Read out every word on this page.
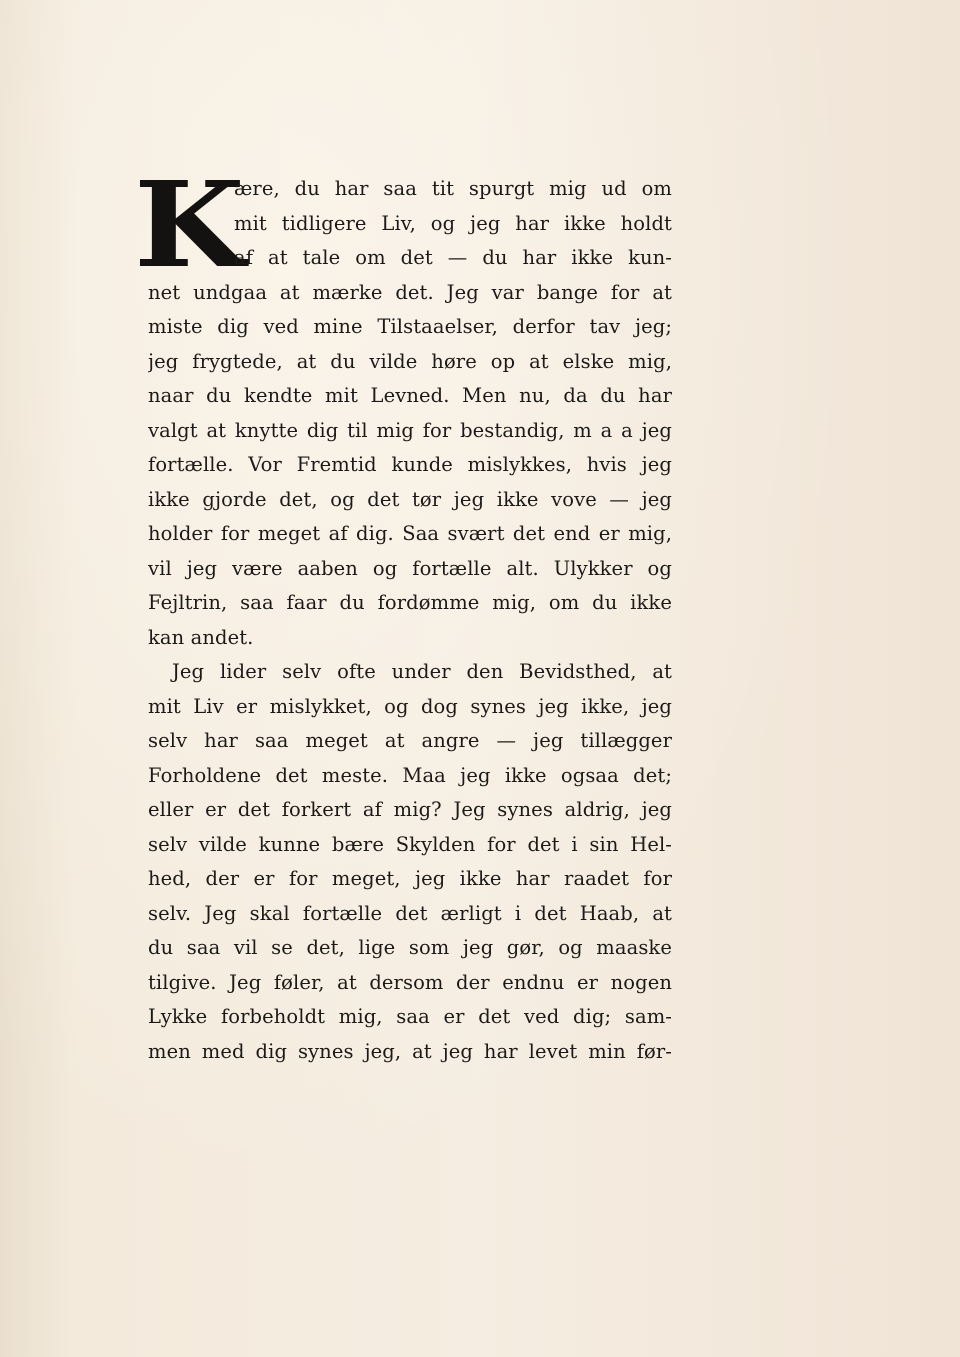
K
ære, du har saa tit spurgt mig ud om
mit tidligere Liv, og jeg har ikke holdt
af at tale om det — du har ikke kun-
net undgaa at mærke det. Jeg var bange for at
miste dig ved mine Tilstaaelser, derfor tav jeg;
jeg frygtede, at du vilde høre op at elske mig,
naar du kendte mit Levned. Men nu, da du har
valgt at knytte dig til mig for bestandig, m a a jeg
fortælle. Vor Fremtid kunde mislykkes, hvis jeg
ikke gjorde det, og det tør jeg ikke vove — jeg
holder for meget af dig. Saa svært det end er mig,
vil jeg være aaben og fortælle alt. Ulykker og
Fejltrin, saa faar du fordømme mig, om du ikke
kan andet.
Jeg lider selv ofte under den Bevidsthed, at
mit Liv er mislykket, og dog synes jeg ikke, jeg
selv har saa meget at angre — jeg tillægger
Forholdene det meste. Maa jeg ikke ogsaa det;
eller er det forkert af mig? Jeg synes aldrig, jeg
selv vilde kunne bære Skylden for det i sin Hel-
hed, der er for meget, jeg ikke har raadet for
selv. Jeg skal fortælle det ærligt i det Haab, at
du saa vil se det, lige som jeg gør, og maaske
tilgive. Jeg føler, at dersom der endnu er nogen
Lykke forbeholdt mig, saa er det ved dig; sam-
men med dig synes jeg, at jeg har levet min før-
